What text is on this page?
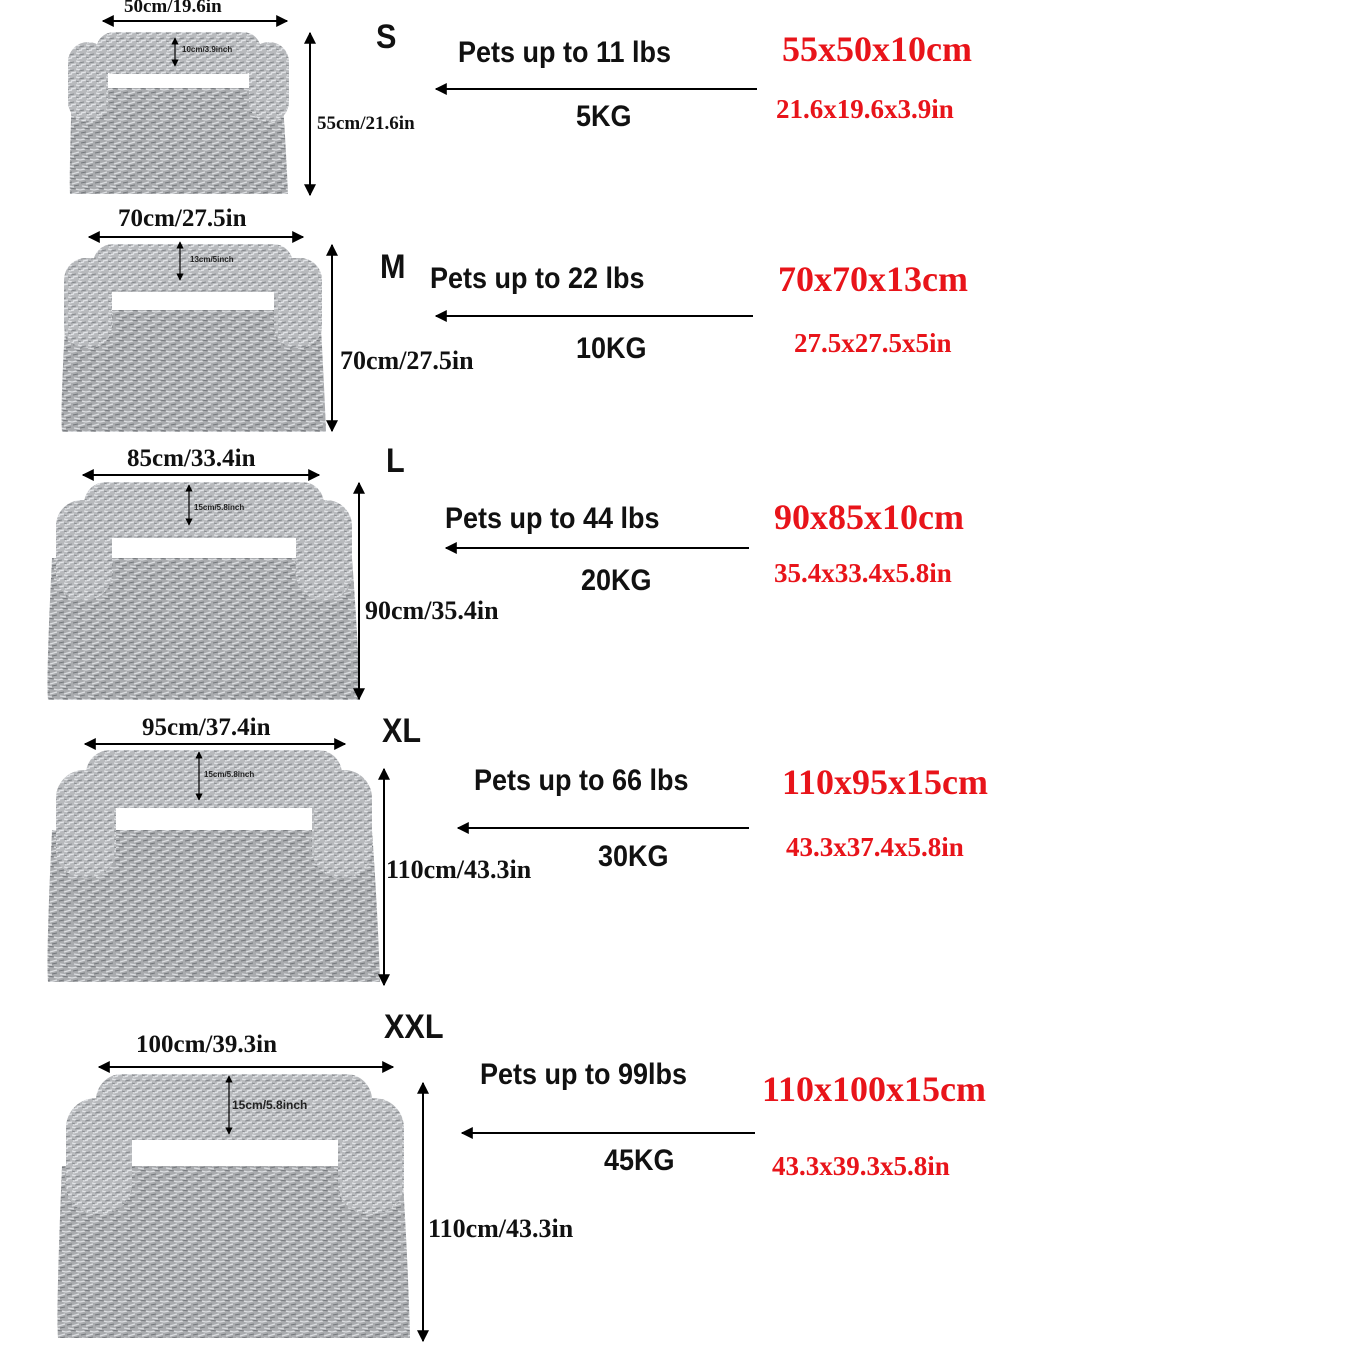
50cm/19.6in
55cm/21.6in
10cm/3.9inch	S Pets up to 11 lbs
5KG
55x50x10cm
21.6x19.6x3.9in
70cm/27.5in
70cm/27.5in
13cm/5inch	M Pets up to 22 lbs
10KG
70x70x13cm
27.5x27.5x5in
85cm/33.4in
90cm/35.4in
15cm/5.8inch
L
Pets up to 44 lbs
20KG
90x85x10cm
35.4x33.4x5.8in
95cm/37.4in
110cm/43.3in
15cm/5.8inch
XL
Pets up to 66 lbs
30KG
110x95x15cm
43.3x37.4x5.8in
100cm/39.3in
110cm/43.3in
15cm/5.8inch
XXL
Pets up to 99lbs
45KG
110x100x15cm
43.3x39.3x5.8in
